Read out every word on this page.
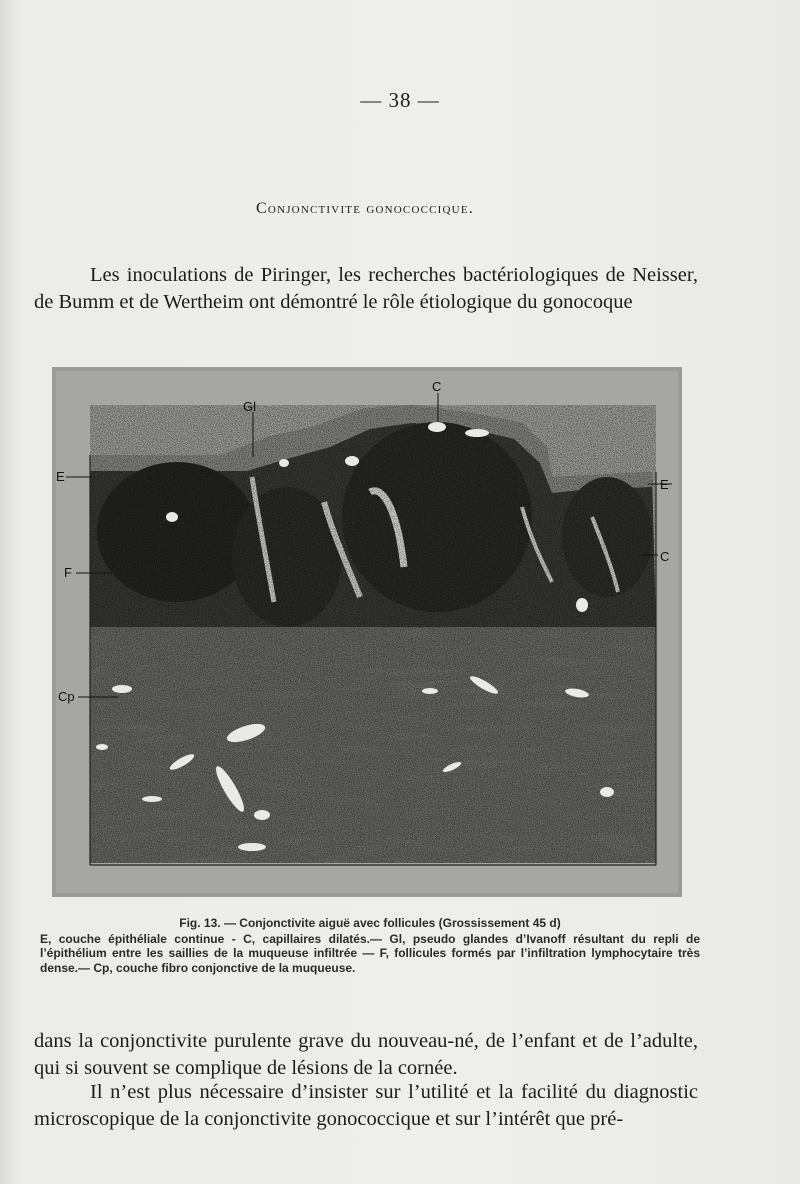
— 38 —
Conjonctivite gonococcique.

Les inoculations de Piringer, les recherches bactériologiques de Neisser, de Bumm et de Wertheim ont démontré le rôle étiologique du gonocoque

Gl
C
E
E
C
F
Cp
Fig. 13. — Conjonctivite aiguë avec follicules (Grossissement 45 d)
E, couche épithéliale continue - C, capillaires dilatés.— Gl, pseudo glandes d’Ivanoff résultant du repli de l’épithélium entre les saillies de la muqueuse infiltrée — F, follicules formés par l’infiltration lymphocytaire très dense.— Cp, couche fibro conjonctive de la muqueuse.

dans la conjonctivite purulente grave du nouveau-né, de l’enfant et de l’adulte, qui si souvent se complique de lésions de la cornée.

Il n’est plus nécessaire d’insister sur l’utilité et la facilité du diagnostic microscopique de la conjonctivite gonococcique et sur l’intérêt que pré-
